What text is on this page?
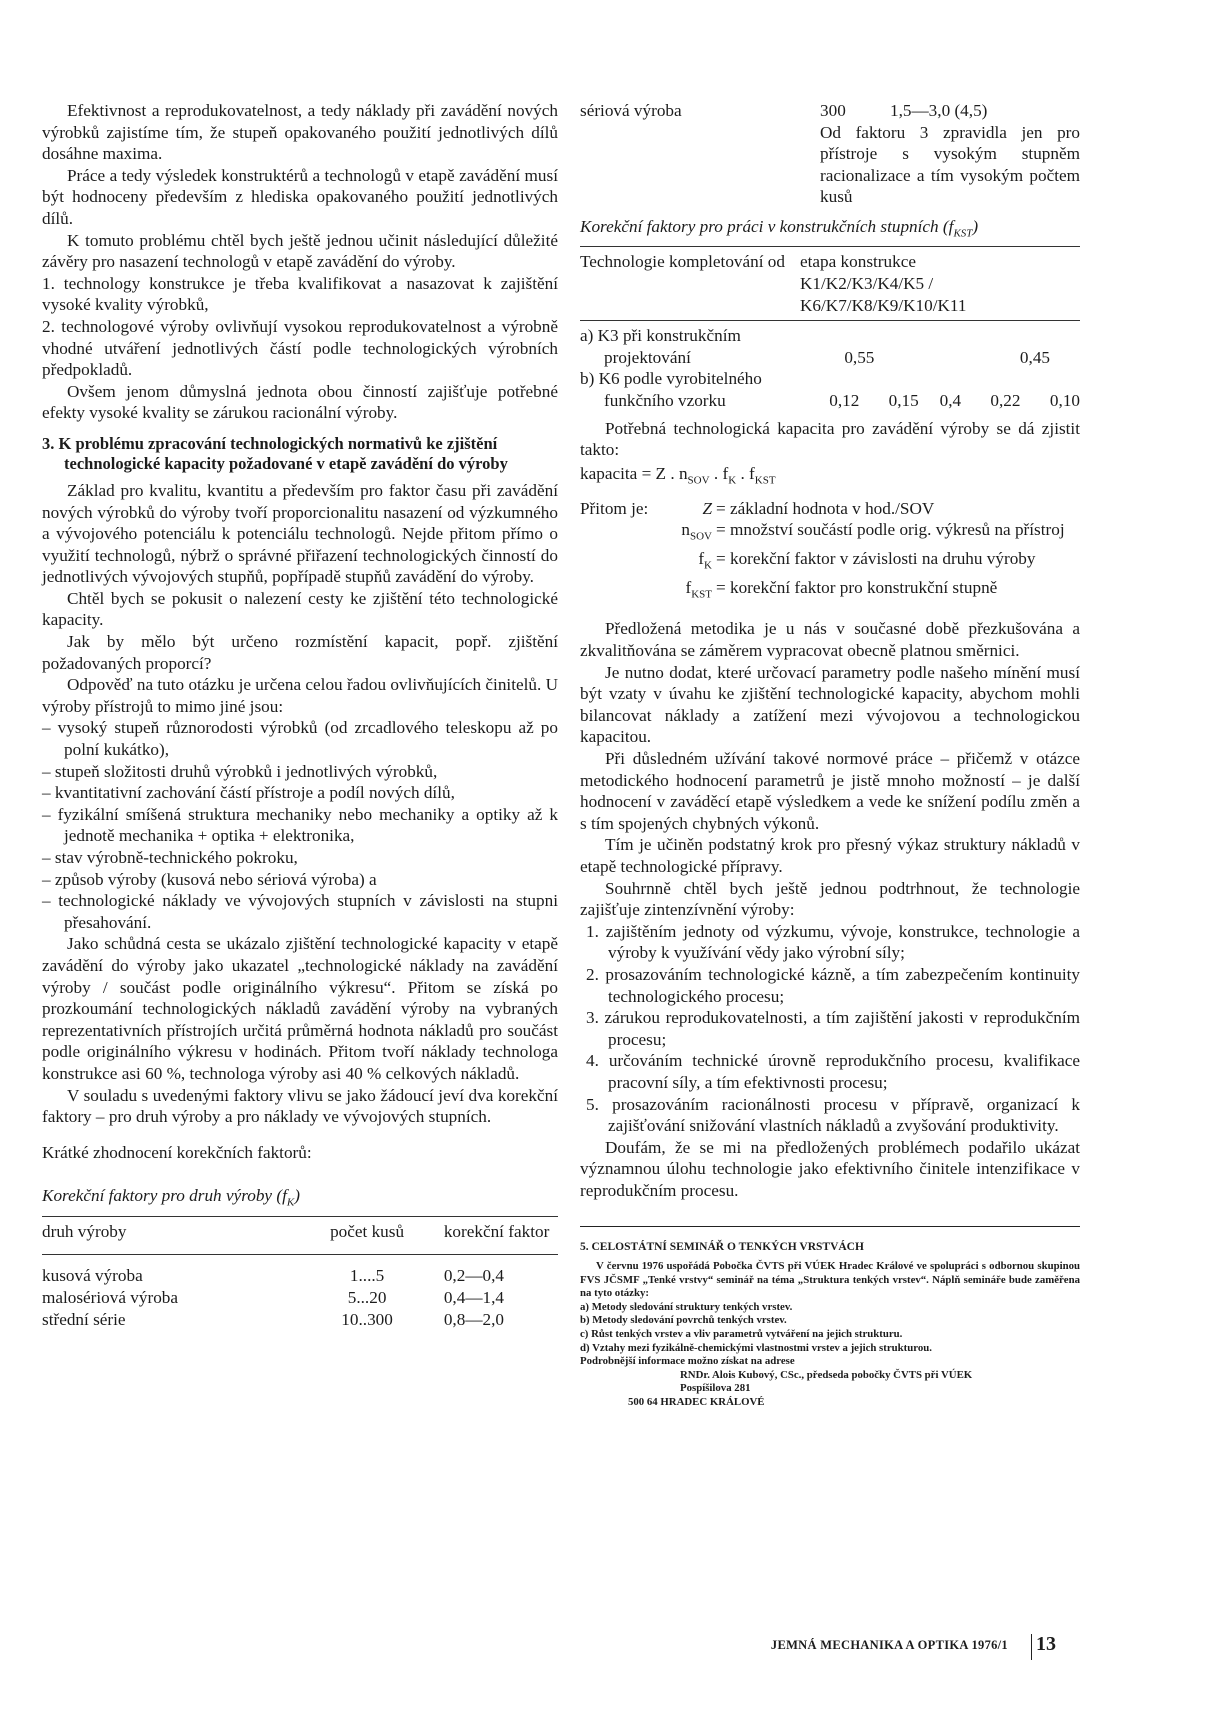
Efektivnost a reprodukovatelnost, a tedy náklady při zavádění nových výrobků zajistíme tím, že stupeň opakovaného použití jednotlivých dílů dosáhne maxima.

Práce a tedy výsledek konstruktérů a technologů v etapě zavádění musí být hodnoceny především z hlediska opakovaného použití jednotlivých dílů.

K tomuto problému chtěl bych ještě jednou učinit následující důležité závěry pro nasazení technologů v etapě zavádění do výroby.

1. technology konstrukce je třeba kvalifikovat a nasazovat k zajištění vysoké kvality výrobků,

2. technologové výroby ovlivňují vysokou reprodukovatelnost a výrobně vhodné utváření jednotlivých částí podle technologických výrobních předpokladů.

Ovšem jenom důmyslná jednota obou činností zajišťuje potřebné efekty vysoké kvality se zárukou racionální výroby.

3. K problému zpracování technologických normativů ke zjištění technologické kapacity požadované v etapě zavádění do výroby

Základ pro kvalitu, kvantitu a především pro faktor času při zavádění nových výrobků do výroby tvoří proporcionalitu nasazení od výzkumného a vývojového potenciálu k potenciálu technologů. Nejde přitom přímo o využití technologů, nýbrž o správné přiřazení technologických činností do jednotlivých vývojových stupňů, popřípadě stupňů zavádění do výroby.

Chtěl bych se pokusit o nalezení cesty ke zjištění této technologické kapacity.

Jak by mělo být určeno rozmístění kapacit, popř. zjištění požadovaných proporcí?

Odpověď na tuto otázku je určena celou řadou ovlivňujících činitelů. U výroby přístrojů to mimo jiné jsou:

– vysoký stupeň různorodosti výrobků (od zrcadlového teleskopu až po polní kukátko),

– stupeň složitosti druhů výrobků i jednotlivých výrobků,

– kvantitativní zachování částí přístroje a podíl nových dílů,

– fyzikální smíšená struktura mechaniky nebo mechaniky a optiky až k jednotě mechanika + optika + elektronika,

– stav výrobně-technického pokroku,

– způsob výroby (kusová nebo sériová výroba) a

– technologické náklady ve vývojových stupních v závislosti na stupni přesahování.

Jako schůdná cesta se ukázalo zjištění technologické kapacity v etapě zavádění do výroby jako ukazatel „technologické náklady na zavádění výroby / součást podle originálního výkresu“. Přitom se získá po prozkoumání technologických nákladů zavádění výroby na vybraných reprezentativních přístrojích určitá průměrná hodnota nákladů pro součást podle originálního výkresu v hodinách. Přitom tvoří náklady technologa konstrukce asi 60 %, technologa výroby asi 40 % celkových nákladů.

V souladu s uvedenými faktory vlivu se jako žádoucí jeví dva korekční faktory – pro druh výroby a pro náklady ve vývojových stupních.

Krátké zhodnocení korekčních faktorů:

Korekční faktory pro druh výroby $(f_K)$
druh výroby	počet kusů	korekční faktor

kusová výroba	1....5	0,2—0,4
malosériová výroba	5...20	0,4—1,4
střední série	10..300	0,8—2,0
sériová výroba	300	1,5—3,0 (4,5)
	Od faktoru 3 zpravidla jen pro přístroje s vysokým stupněm racionalizace a tím vysokým počtem kusů	
Korekční faktory pro práci v konstrukčních stupních $(f_{KST})$
Technologie kompletování od	etapa konstrukce
K1/K2/K3/K4/K5 /
K6/K7/K8/K9/K10/K11				

a) K3 při konstrukčním					
projektování	0,55		0,45		
b) K6 podle vyrobitelného					
funkčního vzorku	0,12	0,15	0,4	0,22	0,10

Potřebná technologická kapacita pro zavádění výroby se dá zjistit takto:

kapacita = Z . $n_{SOV}$ . $f_K$ . $f_{KST}$

Přitom je:	Z	= základní hodnota v hod./SOV
	$n_{SOV}$	= množství součástí podle orig. výkresů na přístroj
	$f_K$	= korekční faktor v závislosti na druhu výroby
	$f_{KST}$	= korekční faktor pro konstrukční stupně

Předložená metodika je u nás v současné době přezkušována a zkvalitňována se záměrem vypracovat obecně platnou směrnici.

Je nutno dodat, které určovací parametry podle našeho mínění musí být vzaty v úvahu ke zjištění technologické kapacity, abychom mohli bilancovat náklady a zatížení mezi vývojovou a technologickou kapacitou.

Při důsledném užívání takové normové práce – přičemž v otázce metodického hodnocení parametrů je jistě mnoho možností – je další hodnocení v zaváděcí etapě výsledkem a vede ke snížení podílu změn a s tím spojených chybných výkonů.

Tím je učiněn podstatný krok pro přesný výkaz struktury nákladů v etapě technologické přípravy.

Souhrnně chtěl bych ještě jednou podtrhnout, že technologie zajišťuje zintenzívnění výroby:

1. zajištěním jednoty od výzkumu, vývoje, konstrukce, technologie a výroby k využívání vědy jako výrobní síly;
2. prosazováním technologické kázně, a tím zabezpečením kontinuity technologického procesu;
3. zárukou reprodukovatelnosti, a tím zajištění jakosti v reprodukčním procesu;
4. určováním technické úrovně reprodukčního procesu, kvalifikace pracovní síly, a tím efektivnosti procesu;
5. prosazováním racionálnosti procesu v přípravě, organizací k zajišťování snižování vlastních nákladů a zvyšování produktivity.

Doufám, že se mi na předložených problémech podařilo ukázat významnou úlohu technologie jako efektivního činitele intenzifikace v reprodukčním procesu.

5. CELOSTÁTNÍ SEMINÁŘ O TENKÝCH VRSTVÁCH
V červnu 1976 uspořádá Pobočka ČVTS při VÚEK Hradec Králové ve spolupráci s odbornou skupinou FVS JČSMF „Tenké vrstvy“ seminář na téma „Struktura tenkých vrstev“. Náplň semináře bude zaměřena na tyto otázky:
a) Metody sledování struktury tenkých vrstev.
b) Metody sledování povrchů tenkých vrstev.
c) Růst tenkých vrstev a vliv parametrů vytváření na jejich strukturu.
d) Vztahy mezi fyzikálně-chemickými vlastnostmi vrstev a jejich strukturou.
Podrobnější informace možno získat na adrese
RNDr. Alois Kubový, CSc., předseda pobočky ČVTS při VÚEK
Pospíšilova 281
500 64 HRADEC KRÁLOVÉ
JEMNÁ MECHANIKA A OPTIKA 1976/1 13
